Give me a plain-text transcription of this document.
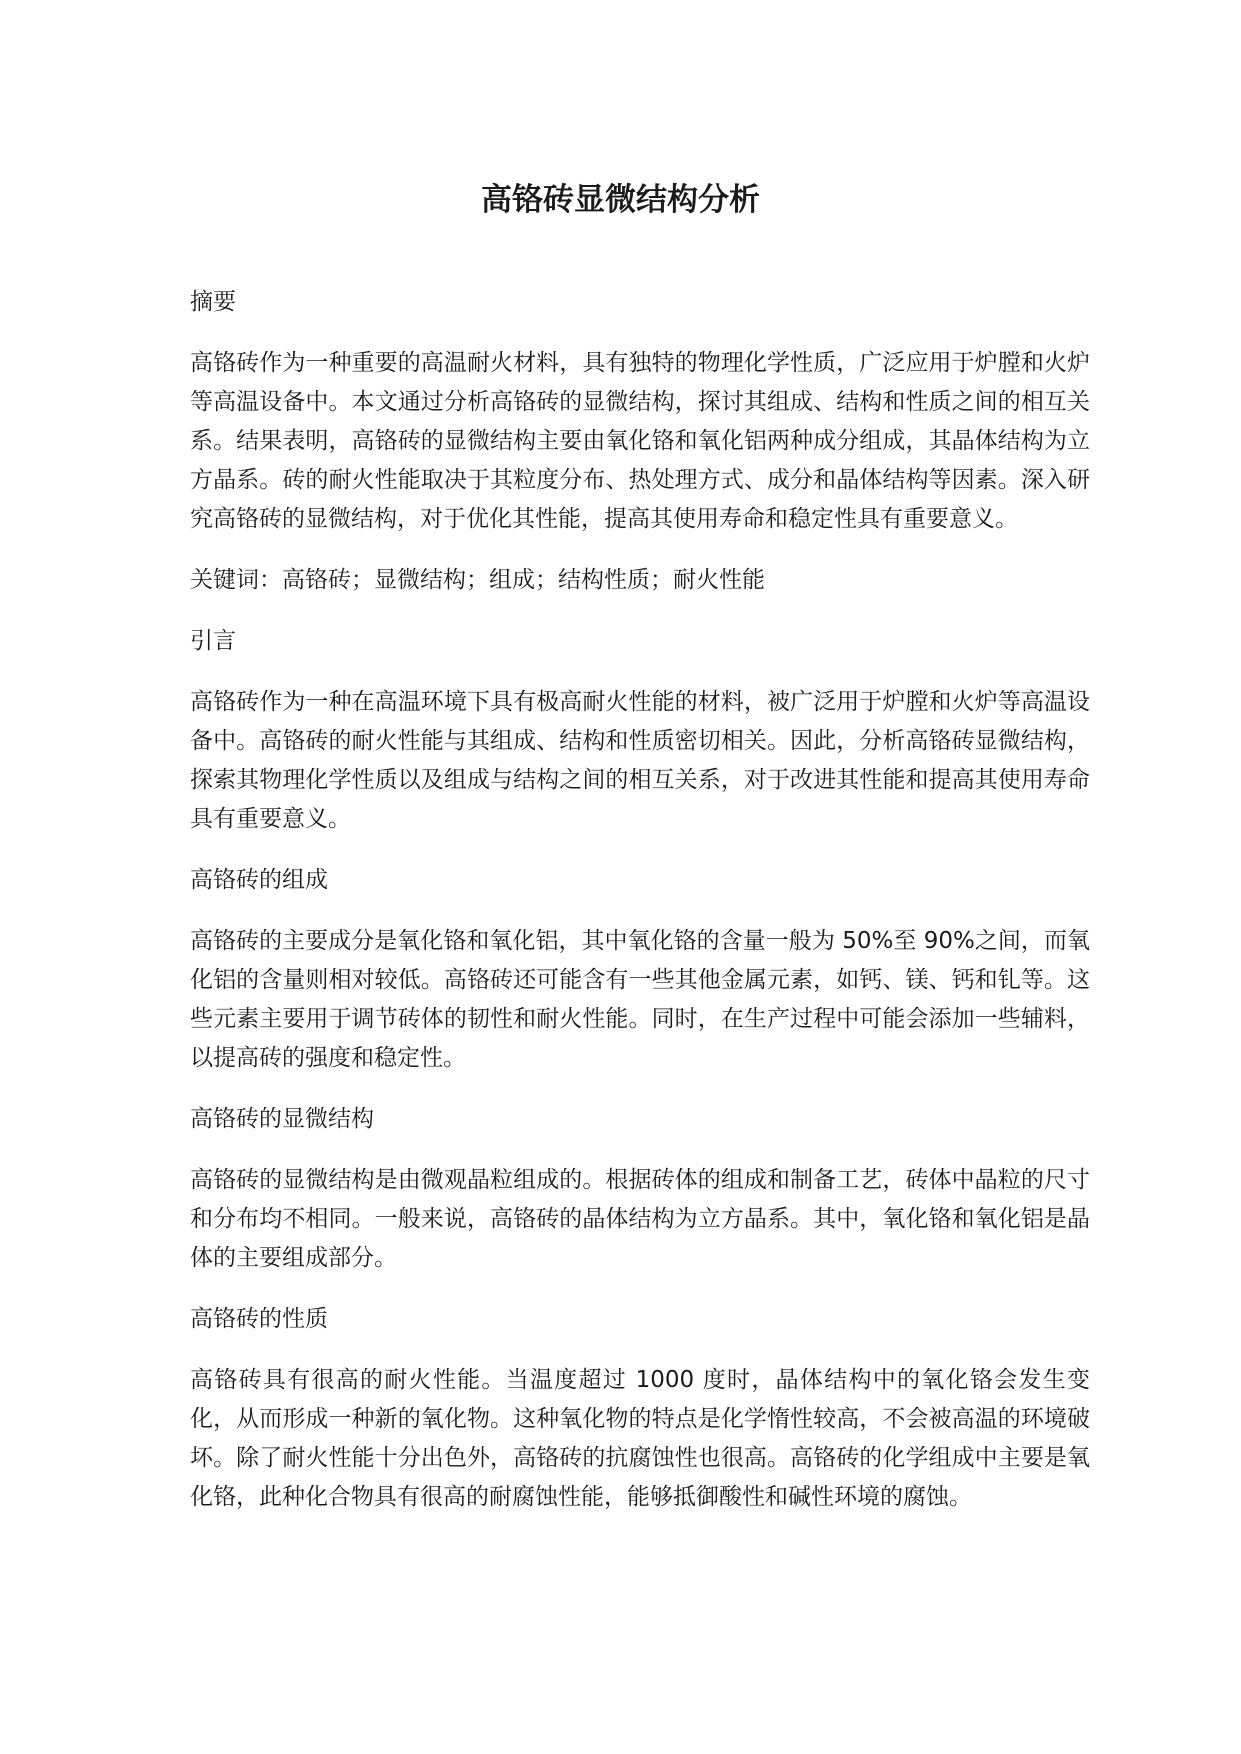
高铬砖显微结构分析

摘要

高铬砖作为一种重要的高温耐火材料，具有独特的物理化学性质，广泛应用于炉膛和火炉等高温设备中。本文通过分析高铬砖的显微结构，探讨其组成、结构和性质之间的相互关系。结果表明，高铬砖的显微结构主要由氧化铬和氧化铝两种成分组成，其晶体结构为立方晶系。砖的耐火性能取决于其粒度分布、热处理方式、成分和晶体结构等因素。深入研究高铬砖的显微结构，对于优化其性能，提高其使用寿命和稳定性具有重要意义。

关键词：高铬砖；显微结构；组成；结构性质；耐火性能

引言

高铬砖作为一种在高温环境下具有极高耐火性能的材料，被广泛用于炉膛和火炉等高温设备中。高铬砖的耐火性能与其组成、结构和性质密切相关。因此，分析高铬砖显微结构，探索其物理化学性质以及组成与结构之间的相互关系，对于改进其性能和提高其使用寿命具有重要意义。

高铬砖的组成

高铬砖的主要成分是氧化铬和氧化铝，其中氧化铬的含量一般为 50%至 90%之间，而氧化铝的含量则相对较低。高铬砖还可能含有一些其他金属元素，如钙、镁、钙和钆等。这些元素主要用于调节砖体的韧性和耐火性能。同时，在生产过程中可能会添加一些辅料，以提高砖的强度和稳定性。

高铬砖的显微结构

高铬砖的显微结构是由微观晶粒组成的。根据砖体的组成和制备工艺，砖体中晶粒的尺寸和分布均不相同。一般来说，高铬砖的晶体结构为立方晶系。其中，氧化铬和氧化铝是晶体的主要组成部分。

高铬砖的性质

高铬砖具有很高的耐火性能。当温度超过 1000 度时，晶体结构中的氧化铬会发生变化，从而形成一种新的氧化物。这种氧化物的特点是化学惰性较高，不会被高温的环境破坏。除了耐火性能十分出色外，高铬砖的抗腐蚀性也很高。高铬砖的化学组成中主要是氧化铬，此种化合物具有很高的耐腐蚀性能，能够抵御酸性和碱性环境的腐蚀。
